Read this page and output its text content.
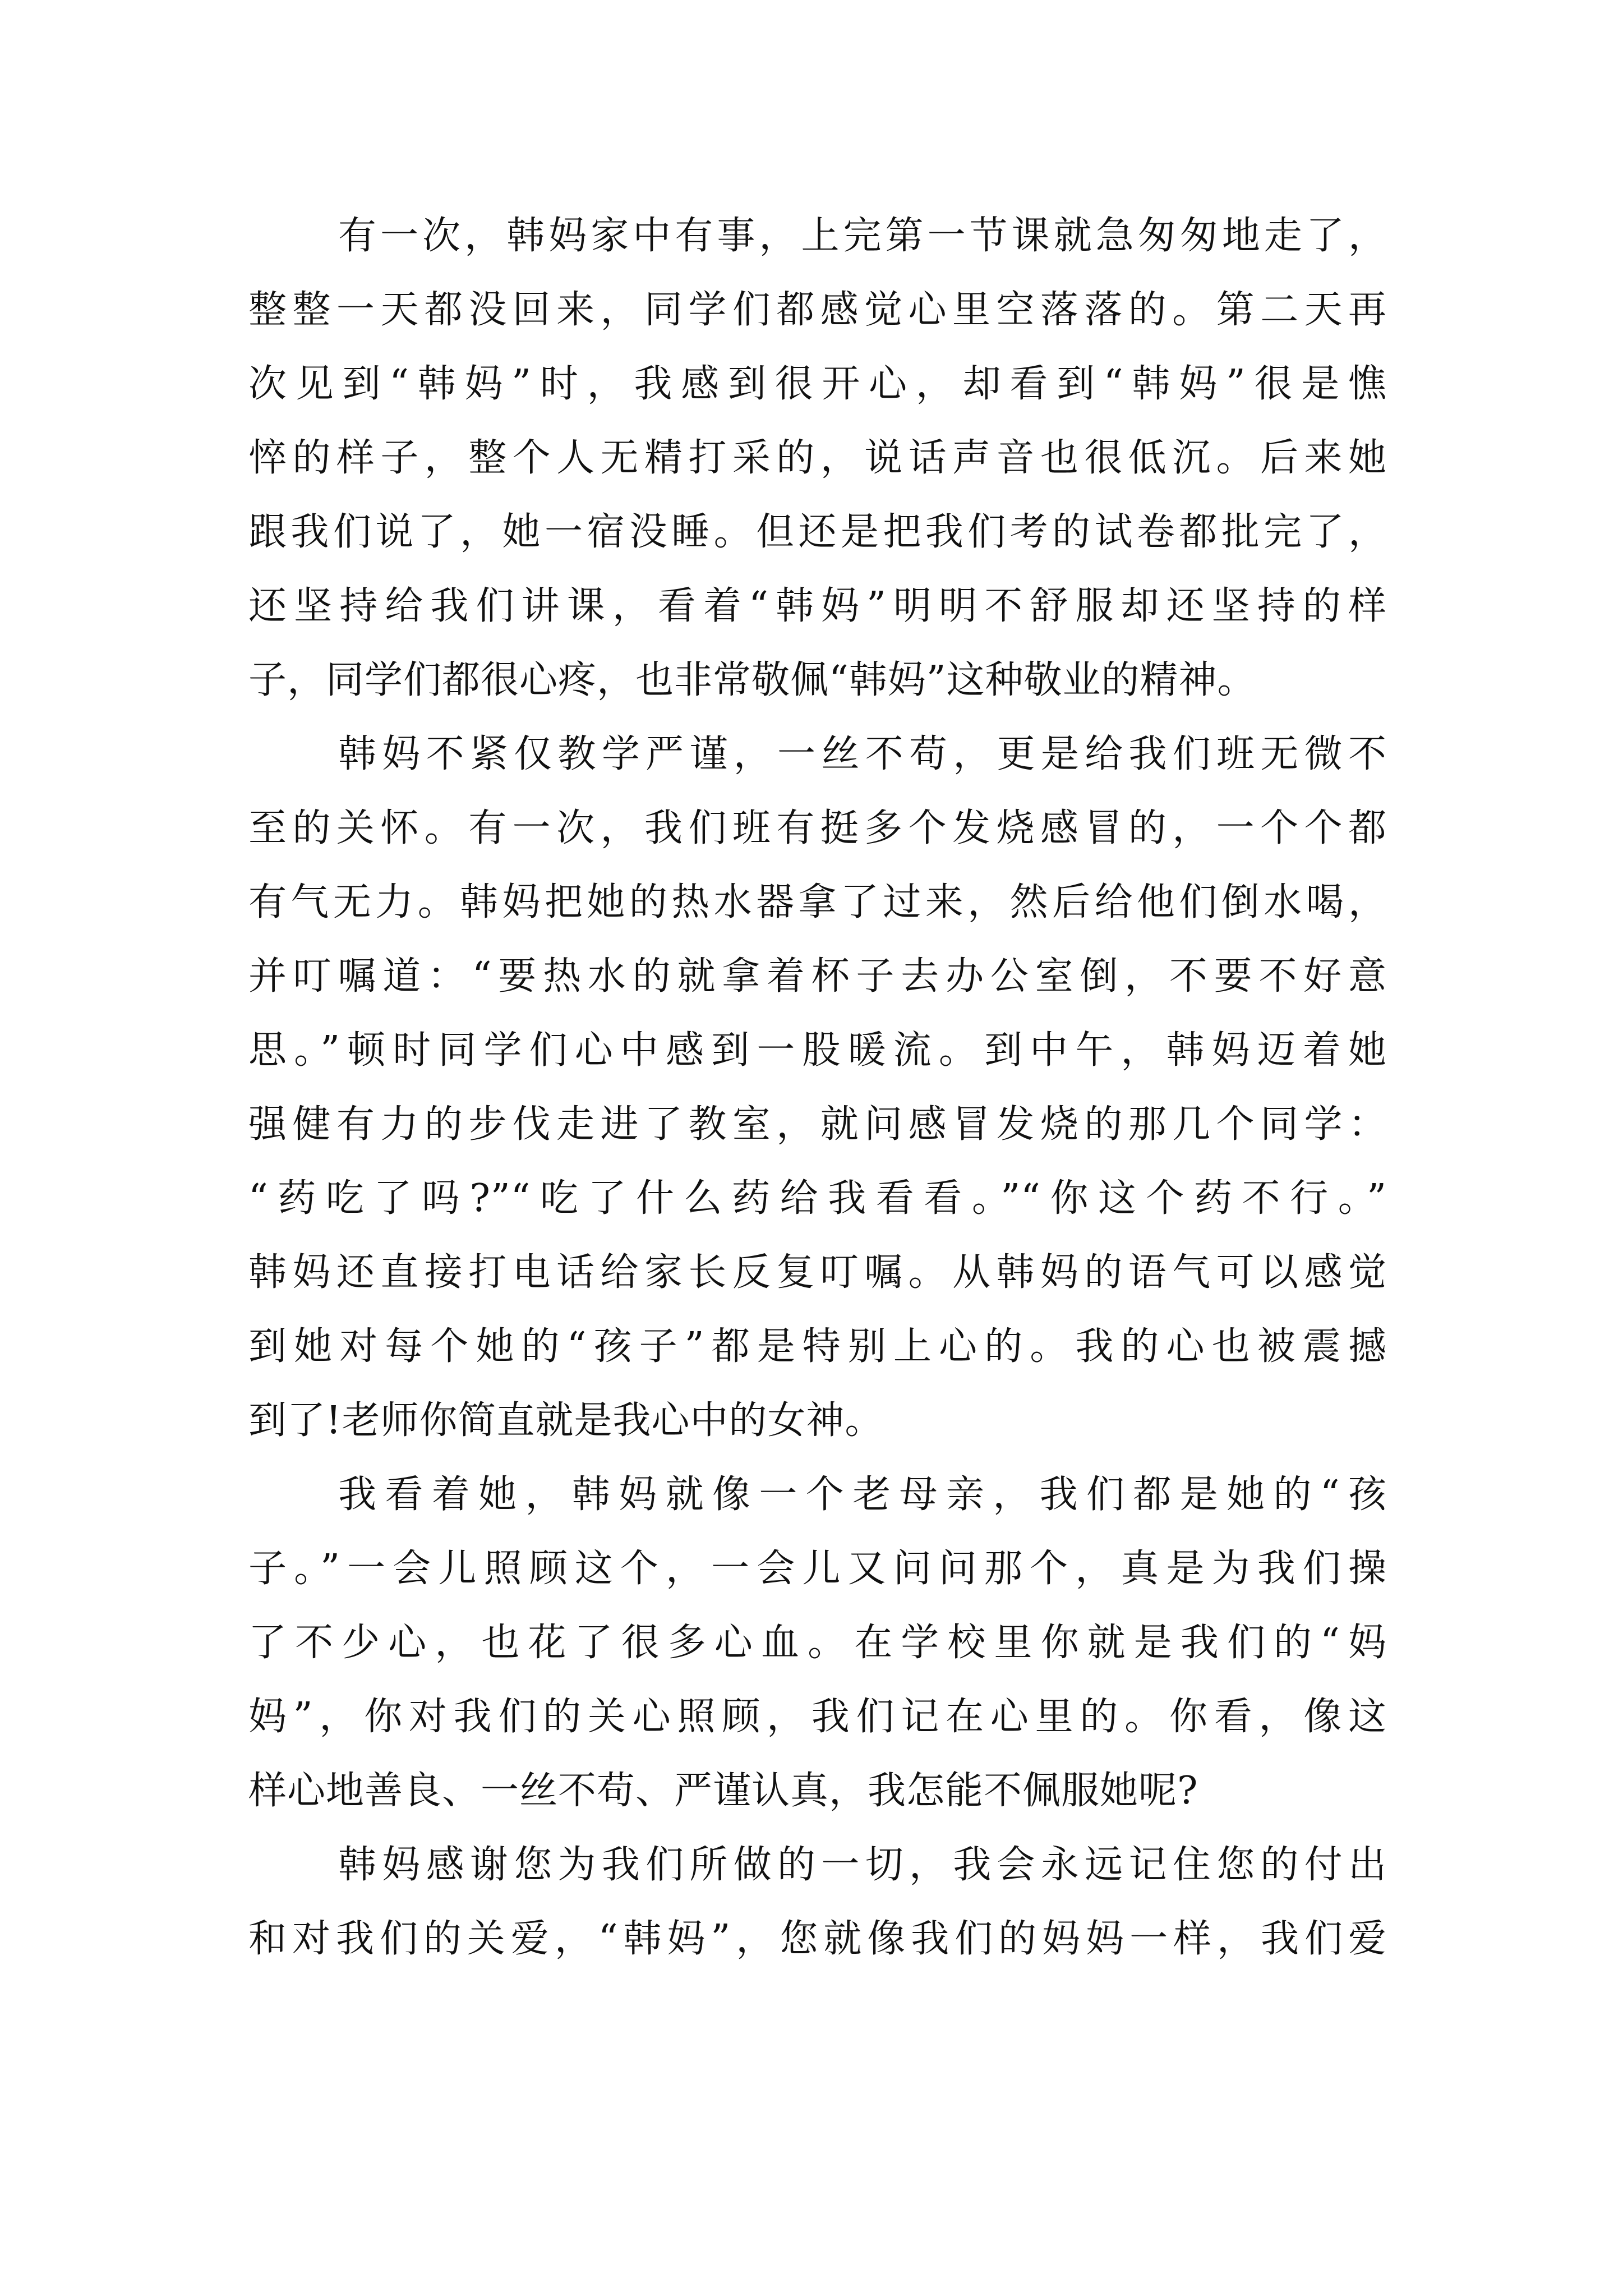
有一次，韩妈家中有事，上完第一节课就急匆匆地走了，
整整一天都没回来，同学们都感觉心里空落落的。第二天再
次见到“韩妈”时，我感到很开心，却看到“韩妈”很是憔
悴的样子，整个人无精打采的，说话声音也很低沉。后来她
跟我们说了，她一宿没睡。但还是把我们考的试卷都批完了，
还坚持给我们讲课，看着“韩妈”明明不舒服却还坚持的样
子，同学们都很心疼，也非常敬佩“韩妈”这种敬业的精神。

韩妈不紧仅教学严谨，一丝不苟，更是给我们班无微不
至的关怀。有一次，我们班有挺多个发烧感冒的，一个个都
有气无力。韩妈把她的热水器拿了过来，然后给他们倒水喝，
并叮嘱道：“要热水的就拿着杯子去办公室倒，不要不好意
思。”顿时同学们心中感到一股暖流。到中午，韩妈迈着她
强健有力的步伐走进了教室，就问感冒发烧的那几个同学：
“药吃了吗?”“吃了什么药给我看看。”“你这个药不行。”
韩妈还直接打电话给家长反复叮嘱。从韩妈的语气可以感觉
到她对每个她的“孩子”都是特别上心的。我的心也被震撼
到了!老师你简直就是我心中的女神。

我看着她，韩妈就像一个老母亲，我们都是她的“孩
子。”一会儿照顾这个，一会儿又问问那个，真是为我们操
了不少心，也花了很多心血。在学校里你就是我们的“妈
妈”，你对我们的关心照顾，我们记在心里的。你看，像这
样心地善良、一丝不苟、严谨认真，我怎能不佩服她呢?

韩妈感谢您为我们所做的一切，我会永远记住您的付出
和对我们的关爱，“韩妈”，您就像我们的妈妈一样，我们爱
